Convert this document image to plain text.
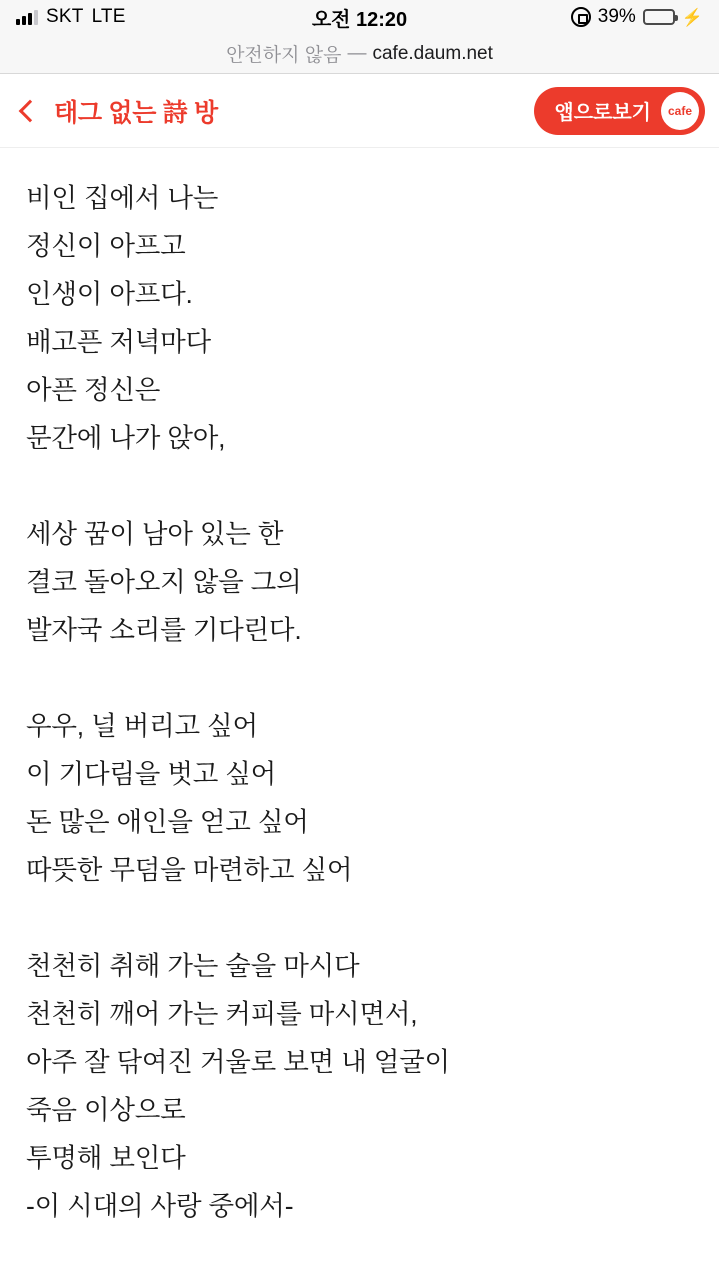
SKT LTE	오전 12:20	39%	⚡
안전하지 않음 — cafe.daum.net
태그 없는 詩 방	앱으로보기	cafe
비인 집에서 나는
정신이 아프고
인생이 아프다.
배고픈 저녁마다
아픈 정신은
문간에 나가 앉아,
세상 꿈이 남아 있는 한
결코 돌아오지 않을 그의
발자국 소리를 기다린다.
우우, 널 버리고 싶어
이 기다림을 벗고 싶어
돈 많은 애인을 얻고 싶어
따뜻한 무덤을 마련하고 싶어
천천히 취해 가는 술을 마시다
천천히 깨어 가는 커피를 마시면서,
아주 잘 닦여진 거울로 보면 내 얼굴이
죽음 이상으로
투명해 보인다
-이 시대의 사랑 중에서-
